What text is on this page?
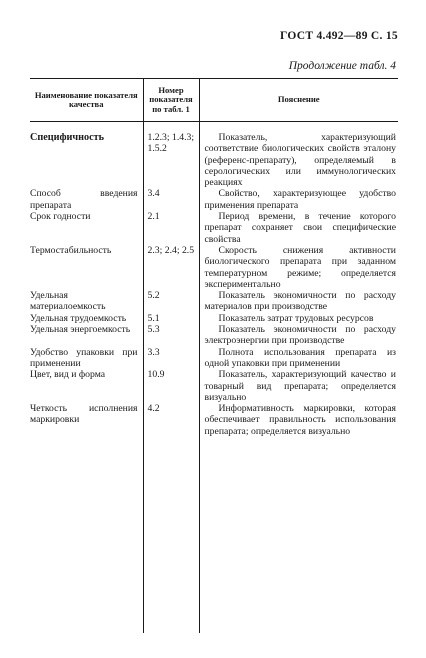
ГОСТ 4.492—89 С. 15
Продолжение табл. 4
Наименование показателя качества	Номер показателя по табл. 1	Пояснение
Специфичность	1.2.3; 1.4.3; 1.5.2	Показатель, характеризующий соответствие биологических свойств эталону (референс-препарату), определяемый в серологических или иммунологических реакциях
Способ введения препарата	3.4	Свойство, характеризующее удобство применения препарата
Срок годности	2.1	Период времени, в течение которого препарат сохраняет свои специфические свойства
Термостабильность	2.3; 2.4; 2.5	Скорость снижения активности биологического препарата при заданном температурном режиме; определяется экспериментально
Удельная материалоемкость	5.2	Показатель экономичности по расходу материалов при производстве
Удельная трудоемкость	5.1	Показатель затрат трудовых ресурсов
Удельная энергоемкость	5.3	Показатель экономичности по расходу электроэнергии при производстве
Удобство упаковки при применении	3.3	Полнота использования препарата из одной упаковки при применении
Цвет, вид и форма	10.9	Показатель, характеризующий качество и товарный вид препарата; определяется визуально
Четкость исполнения маркировки	4.2	Информативность маркировки, которая обеспечивает правильность использования препарата; определяется визуально
